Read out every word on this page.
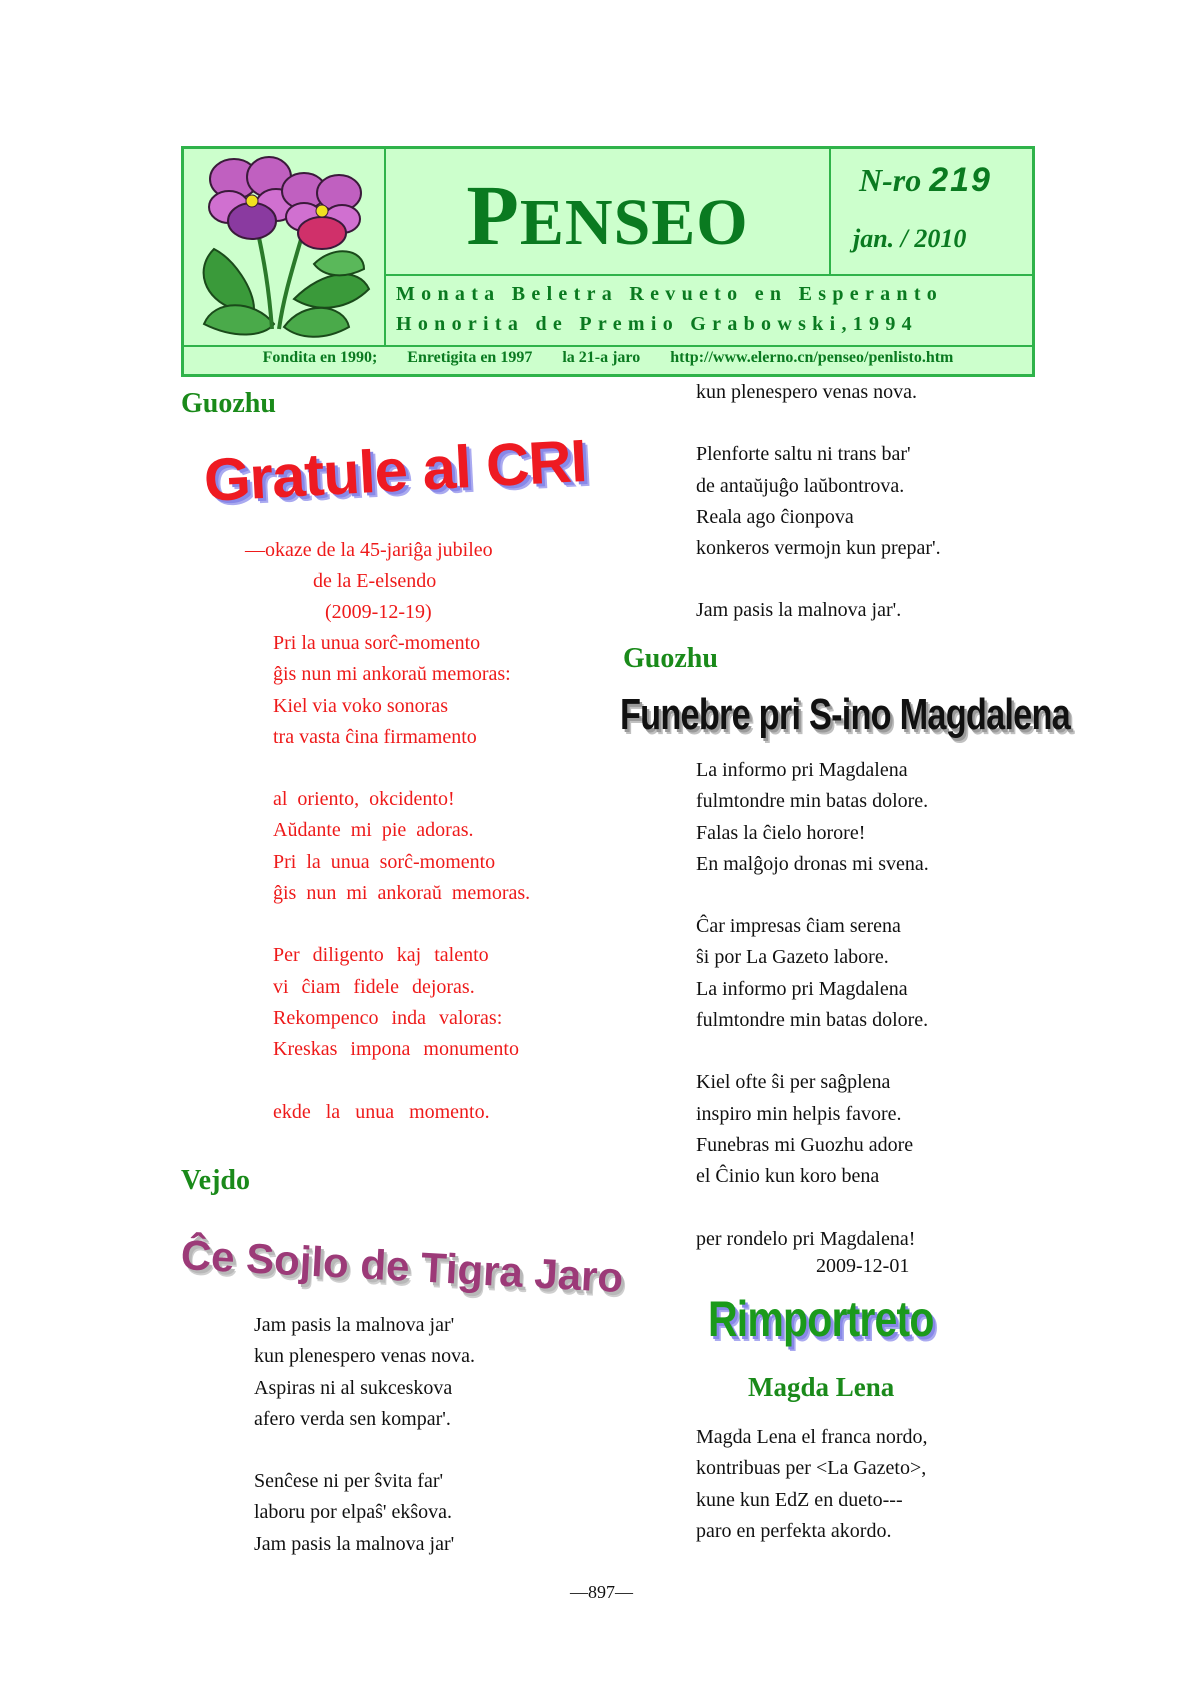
PENSEO
N-ro 219
jan. / 2010
Monata Beletra Revueto en Esperanto
Honorita de Premio Grabowski,1994
Fondita en 1990; Enretigita en 1997 la 21-a jaro http://www.elerno.cn/penseo/penlisto.htm
Guozhu
Gratule al CRI
—okaze de la 45-jariĝa jubileo
de la E-elsendo
(2009-12-19)
Pri la unua sorĉ-momento
ĝis nun mi ankoraŭ memoras:
Kiel via voko sonoras
tra vasta ĉina firmamento
al oriento, okcidento!
Aŭdante mi pie adoras.
Pri la unua sorĉ-momento
ĝis nun mi ankoraŭ memoras.
Per diligento kaj talento
vi ĉiam fidele dejoras.
Rekompenco inda valoras:
Kreskas impona monumento
ekde la unua momento.
Vejdo
Ĉe Sojlo de Tigra Jaro
Jam pasis la malnova jar'
kun plenespero venas nova.
Aspiras ni al sukceskova
afero verda sen kompar'.
Senĉese ni per ŝvita far'
laboru por elpaŝ' ekŝova.
Jam pasis la malnova jar'
kun plenespero venas nova.
Plenforte saltu ni trans bar'
de antaŭjuĝo laŭbontrova.
Reala ago ĉionpova
konkeros vermojn kun prepar'.
Jam pasis la malnova jar'.
Guozhu
Funebre pri S-ino Magdalena
La informo pri Magdalena
fulmtondre min batas dolore.
Falas la ĉielo horore!
En malĝojo dronas mi svena.
Ĉar impresas ĉiam serena
ŝi por La Gazeto labore.
La informo pri Magdalena
fulmtondre min batas dolore.
Kiel ofte ŝi per saĝplena
inspiro min helpis favore.
Funebras mi Guozhu adore
el Ĉinio kun koro bena
per rondelo pri Magdalena!
2009-12-01
Rimportreto
Magda Lena
Magda Lena el franca nordo,
kontribuas per <La Gazeto>,
kune kun EdZ en dueto---
paro en perfekta akordo.
—897—
